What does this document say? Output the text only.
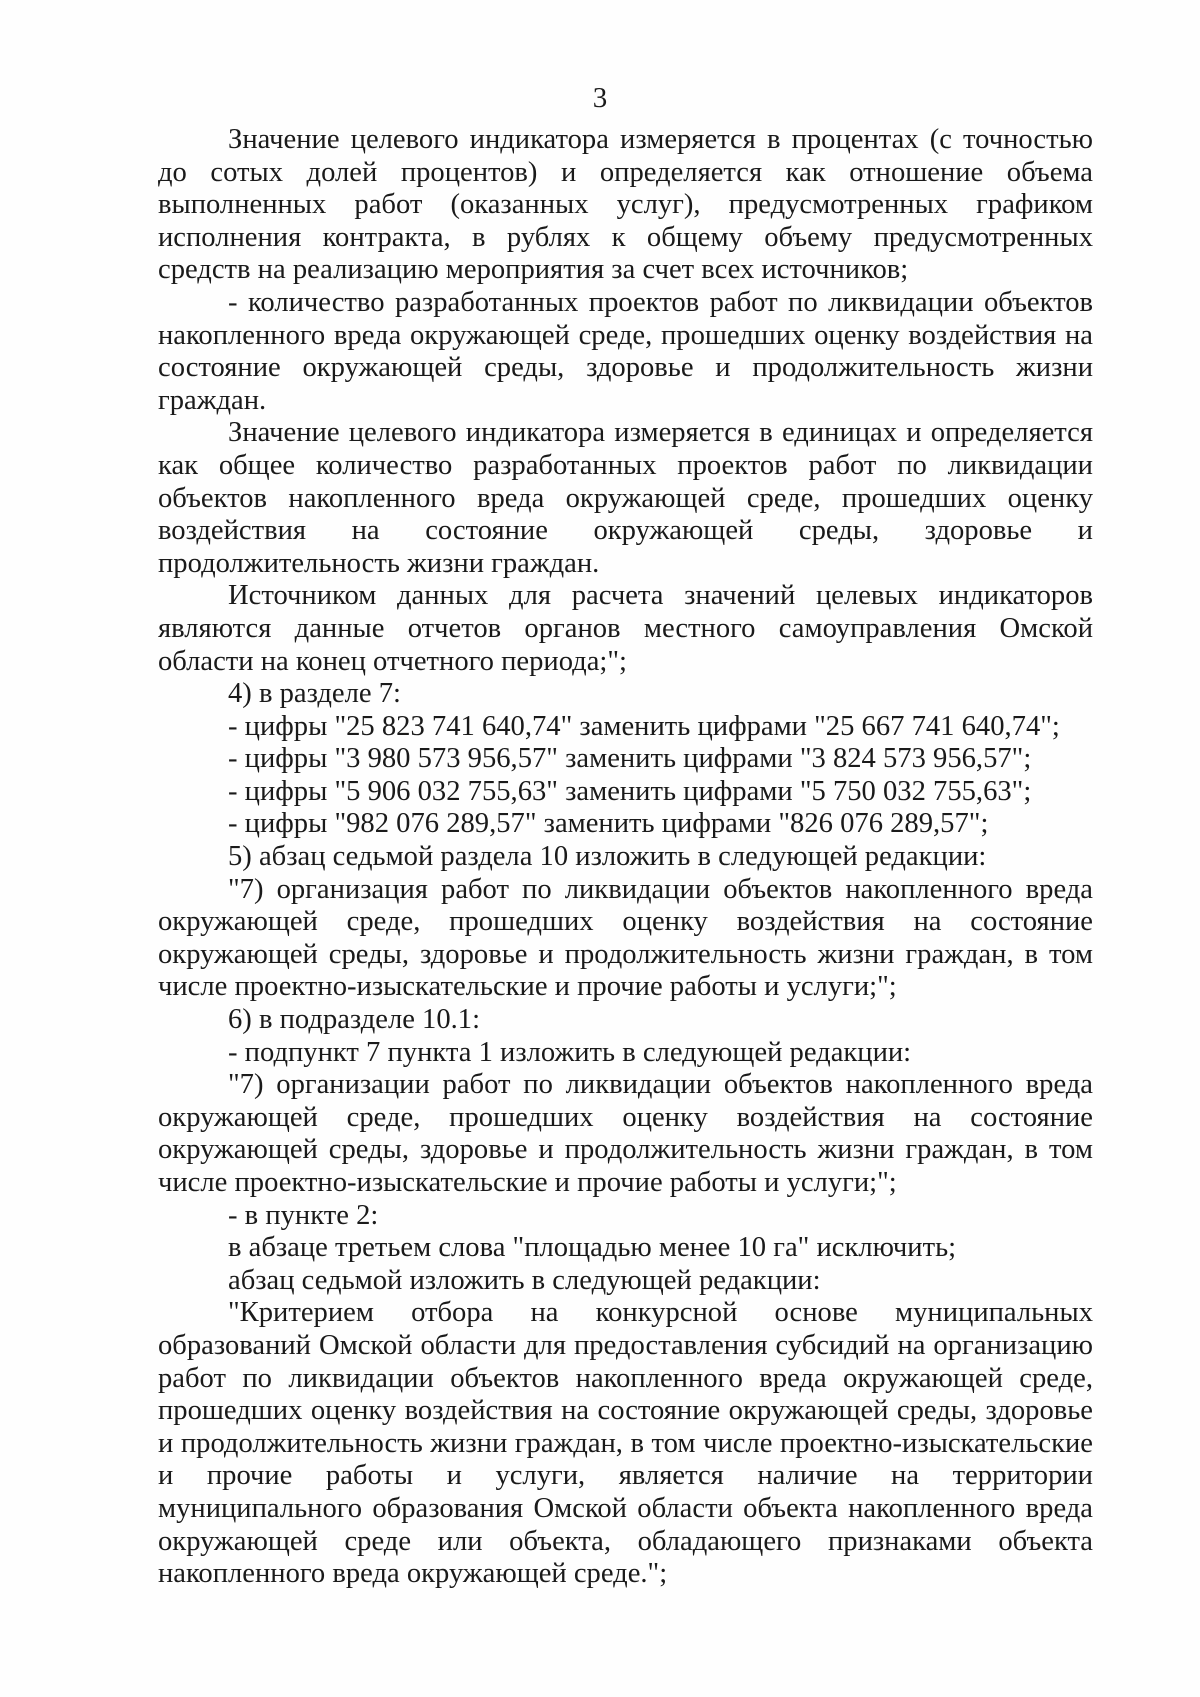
3

Значение целевого индикатора измеряется в процентах (с точностью до сотых долей процентов) и определяется как отношение объема выполненных работ (оказанных услуг), предусмотренных графиком исполнения контракта, в рублях к общему объему предусмотренных средств на реализацию мероприятия за счет всех источников;

- количество разработанных проектов работ по ликвидации объектов накопленного вреда окружающей среде, прошедших оценку воздействия на состояние окружающей среды, здоровье и продолжительность жизни граждан.

Значение целевого индикатора измеряется в единицах и определяется как общее количество разработанных проектов работ по ликвидации объектов накопленного вреда окружающей среде, прошедших оценку воздействия на состояние окружающей среды, здоровье и продолжительность жизни граждан.

Источником данных для расчета значений целевых индикаторов являются данные отчетов органов местного самоуправления Омской области на конец отчетного периода;";

4) в разделе 7:

- цифры "25 823 741 640,74" заменить цифрами "25 667 741 640,74";

- цифры "3 980 573 956,57" заменить цифрами "3 824 573 956,57";

- цифры "5 906 032 755,63" заменить цифрами "5 750 032 755,63";

- цифры "982 076 289,57" заменить цифрами "826 076 289,57";

5) абзац седьмой раздела 10 изложить в следующей редакции:

"7) организация работ по ликвидации объектов накопленного вреда окружающей среде, прошедших оценку воздействия на состояние окружающей среды, здоровье и продолжительность жизни граждан, в том числе проектно-изыскательские и прочие работы и услуги;";

6) в подразделе 10.1:

- подпункт 7 пункта 1 изложить в следующей редакции:

"7) организации работ по ликвидации объектов накопленного вреда окружающей среде, прошедших оценку воздействия на состояние окружающей среды, здоровье и продолжительность жизни граждан, в том числе проектно-изыскательские и прочие работы и услуги;";

- в пункте 2:

в абзаце третьем слова "площадью менее 10 га" исключить;

абзац седьмой изложить в следующей редакции:

"Критерием отбора на конкурсной основе муниципальных образований Омской области для предоставления субсидий на организацию работ по ликвидации объектов накопленного вреда окружающей среде, прошедших оценку воздействия на состояние окружающей среды, здоровье и продолжительность жизни граждан, в том числе проектно-изыскательские и прочие работы и услуги, является наличие на территории муниципального образования Омской области объекта накопленного вреда окружающей среде или объекта, обладающего признаками объекта накопленного вреда окружающей среде.";
